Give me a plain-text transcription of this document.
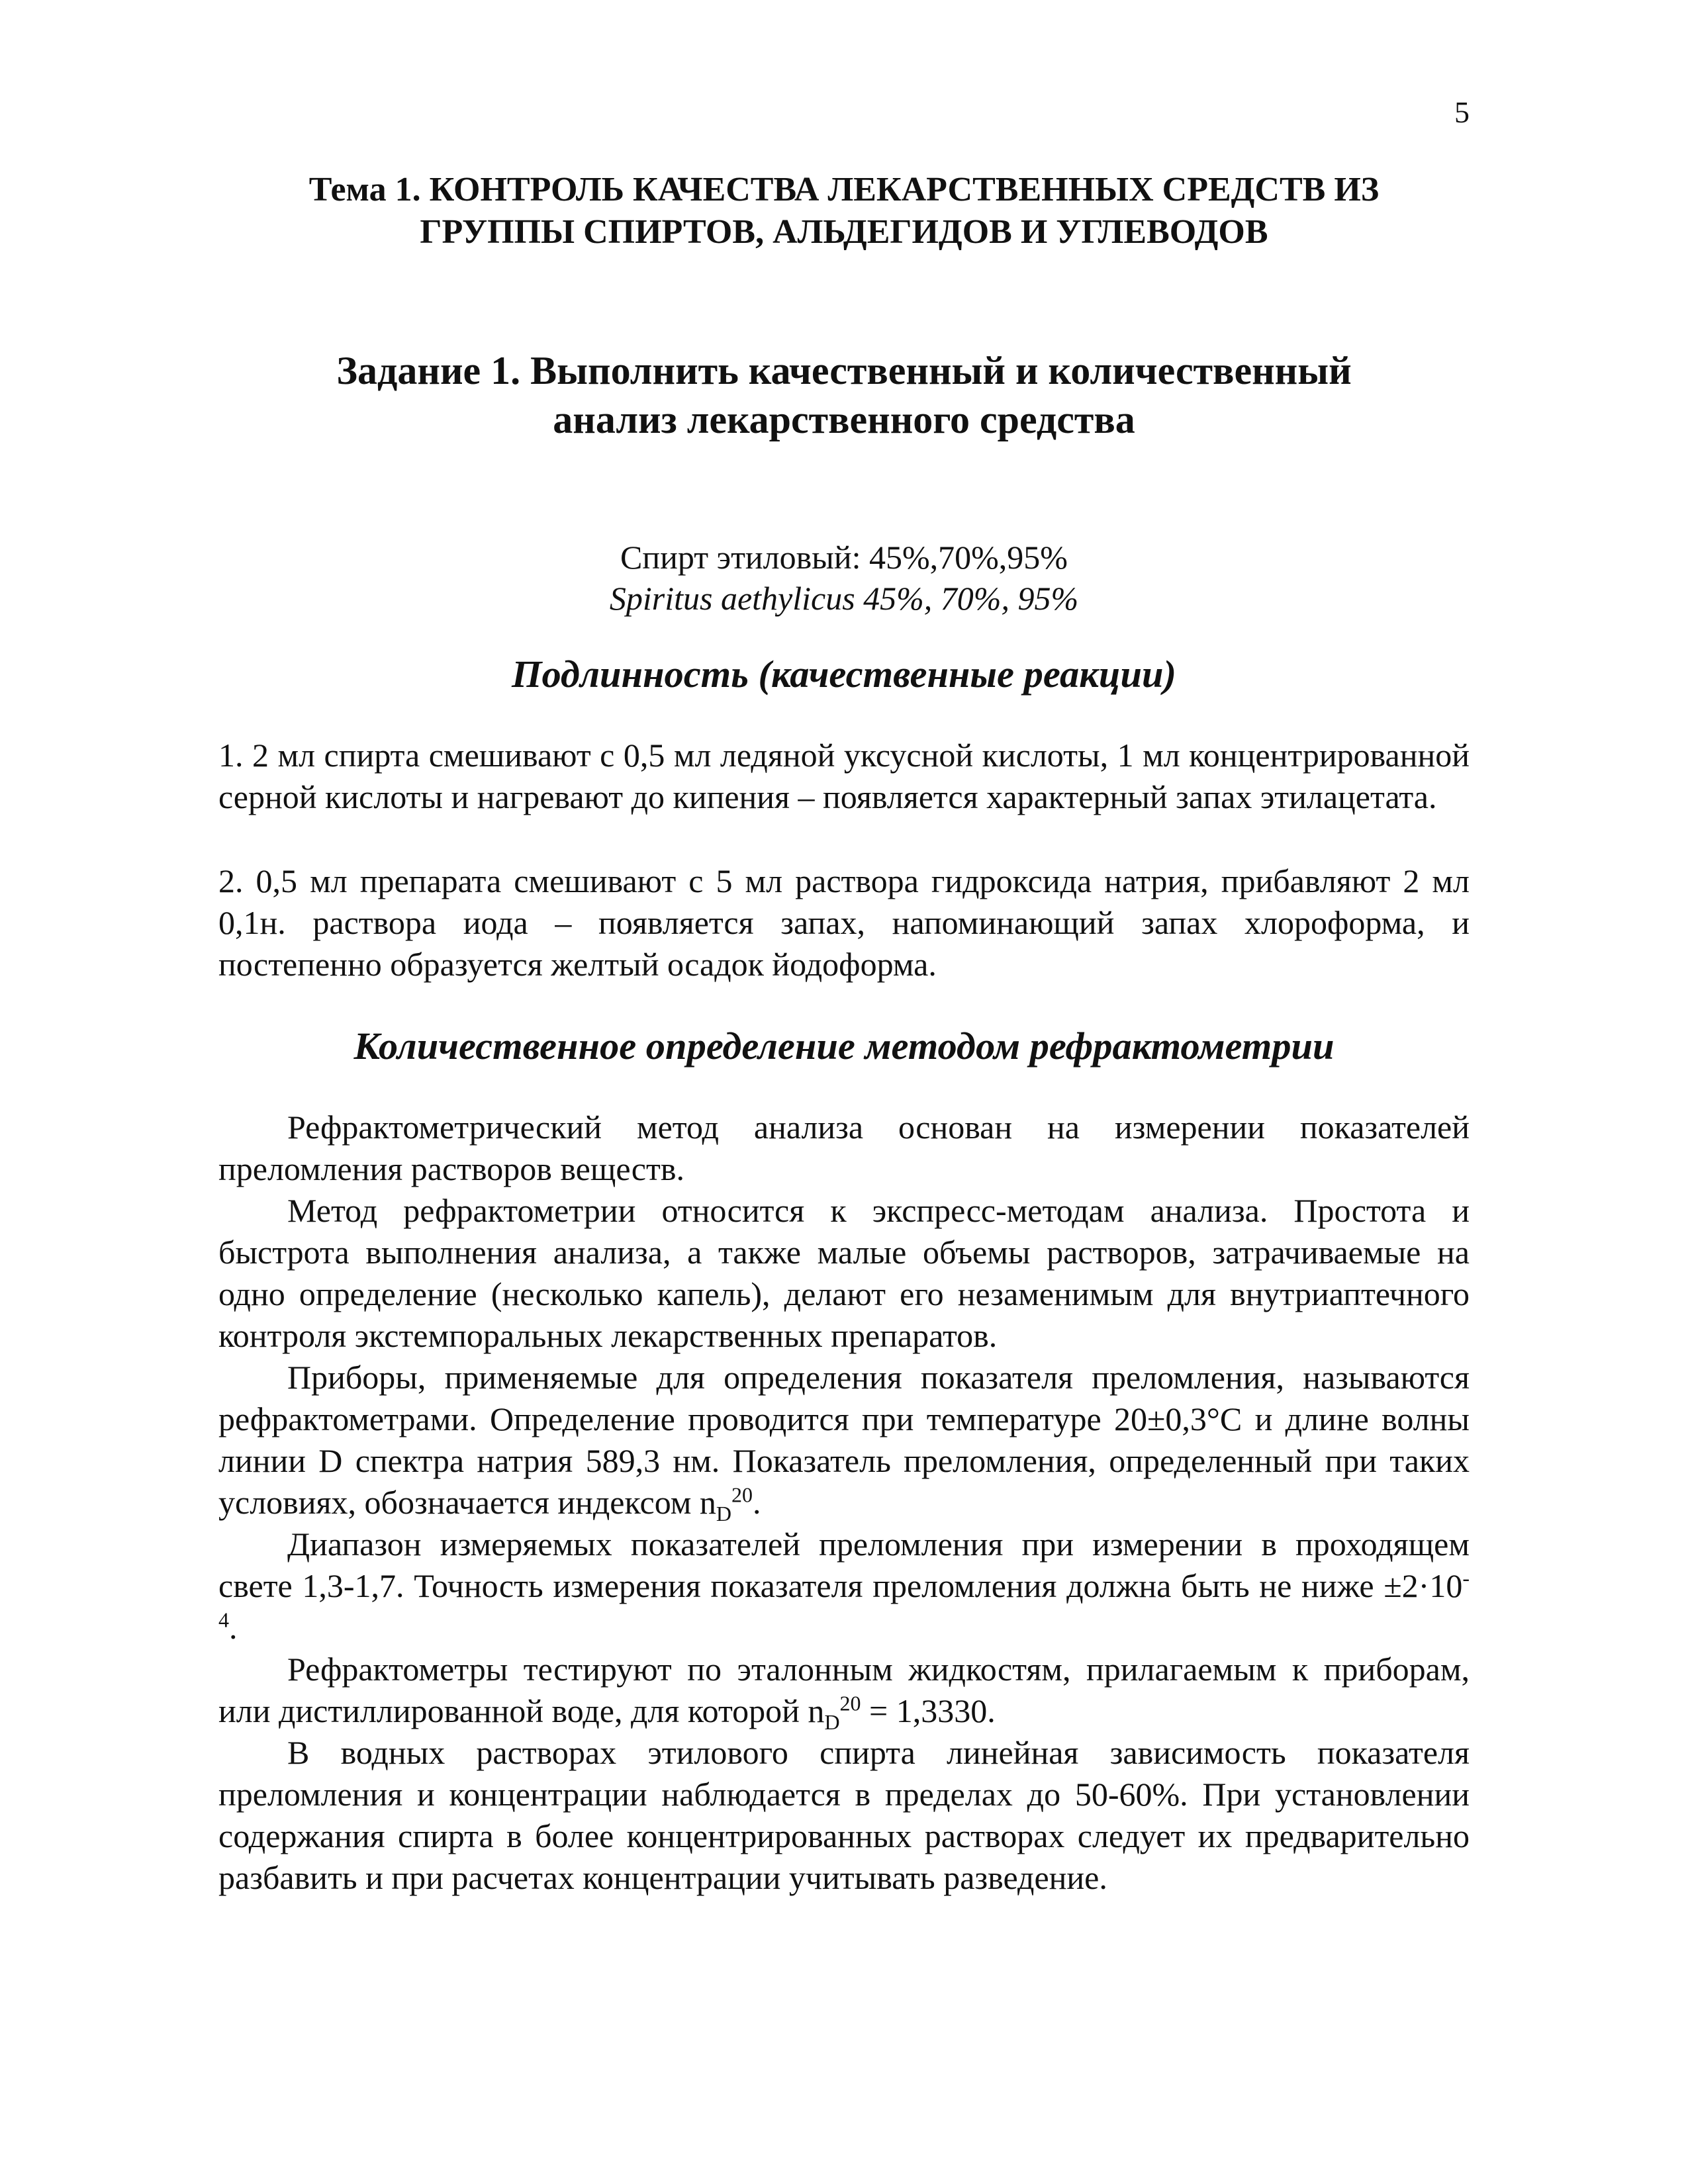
5
Тема 1. КОНТРОЛЬ КАЧЕСТВА ЛЕКАРСТВЕННЫХ СРЕДСТВ ИЗ
ГРУППЫ СПИРТОВ, АЛЬДЕГИДОВ И УГЛЕВОДОВ
Задание 1. Выполнить качественный и количественный
анализ лекарственного средства
Спирт этиловый: 45%,70%,95%
Spiritus aethylicus 45%, 70%, 95%
Подлинность (качественные реакции)

1. 2 мл спирта смешивают с 0,5 мл ледяной уксусной кислоты, 1 мл концентрированной серной кислоты и нагревают до кипения – появляется характерный запах этилацетата.

2. 0,5 мл препарата смешивают с 5 мл раствора гидроксида натрия, прибавляют 2 мл 0,1н. раствора иода – появляется запах, напоминающий запах хлороформа, и постепенно образуется желтый осадок йодоформа.

Количественное определение методом рефрактометрии

Рефрактометрический метод анализа основан на измерении показателей преломления растворов веществ.

Метод рефрактометрии относится к экспресс-методам анализа. Простота и быстрота выполнения анализа, а также малые объемы растворов, затрачиваемые на одно определение (несколько капель), делают его незаменимым для внутриаптечного контроля экстемпоральных лекарственных препаратов.

Приборы, применяемые для определения показателя преломления, называются рефрактометрами. Определение проводится при температуре 20±0,3°С и длине волны линии D спектра натрия 589,3 нм. Показатель преломления, определенный при таких условиях, обозначается индексом $n_D^{20}$.

Диапазон измеряемых показателей преломления при измерении в проходящем свете 1,3-1,7. Точность измерения показателя преломления должна быть не ниже $\pm 2\cdot 10^{-4}$.

Рефрактометры тестируют по эталонным жидкостям, прилагаемым к приборам, или дистиллированной воде, для которой $n_D^{20} = 1,3330$.

В водных растворах этилового спирта линейная зависимость показателя преломления и концентрации наблюдается в пределах до 50-60%. При установлении содержания спирта в более концентрированных растворах следует их предварительно разбавить и при расчетах концентрации учитывать разведение.
